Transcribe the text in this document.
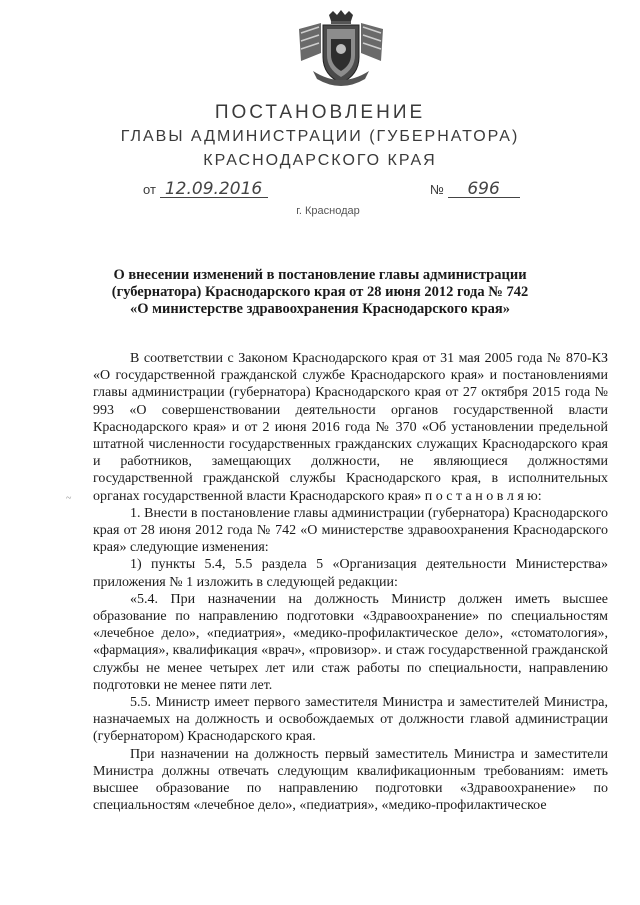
ПОСТАНОВЛЕНИЕ
ГЛАВЫ АДМИНИСТРАЦИИ (ГУБЕРНАТОРА)
КРАСНОДАРСКОГО КРАЯ
от 12.09.2016	№ 696
г. Краснодар
О внесении изменений в постановление главы администрации
(губернатора) Краснодарского края от 28 июня 2012 года № 742
«О министерстве здравоохранения Краснодарского края»
~

В соответствии с Законом Краснодарского края от 31 мая 2005 года № 870-КЗ «О государственной гражданской службе Краснодарского края» и постановлениями главы администрации (губернатора) Краснодарского края от 27 октября 2015 года № 993 «О совершенствовании деятельности органов государственной власти Краснодарского края» и от 2 июня 2016 года № 370 «Об установлении предельной штатной численности государственных гражданских служащих Краснодарского края и работников, замещающих должности, не являющиеся должностями государственной гражданской службы Краснодарского края, в исполнительных органах государственной власти Краснодарского края» п о с т а н о в л я ю:

1. Внести в постановление главы администрации (губернатора) Краснодарского края от 28 июня 2012 года № 742 «О министерстве здравоохранения Краснодарского края» следующие изменения:

1) пункты 5.4, 5.5 раздела 5 «Организация деятельности Министерства» приложения № 1 изложить в следующей редакции:

«5.4. При назначении на должность Министр должен иметь высшее образование по направлению подготовки «Здравоохранение» по специальностям «лечебное дело», «педиатрия», «медико-профилактическое дело», «стоматология», «фармация», квалификация «врач», «провизор». и стаж государственной гражданской службы не менее четырех лет или стаж работы по специальности, направлению подготовки не менее пяти лет.

5.5. Министр имеет первого заместителя Министра и заместителей Министра, назначаемых на должность и освобождаемых от должности главой администрации (губернатором) Краснодарского края.

При назначении на должность первый заместитель Министра и заместители Министра должны отвечать следующим квалификационным требованиям: иметь высшее образование по направлению подготовки «Здравоохранение» по специальностям «лечебное дело», «педиатрия», «медико-профилактическое
